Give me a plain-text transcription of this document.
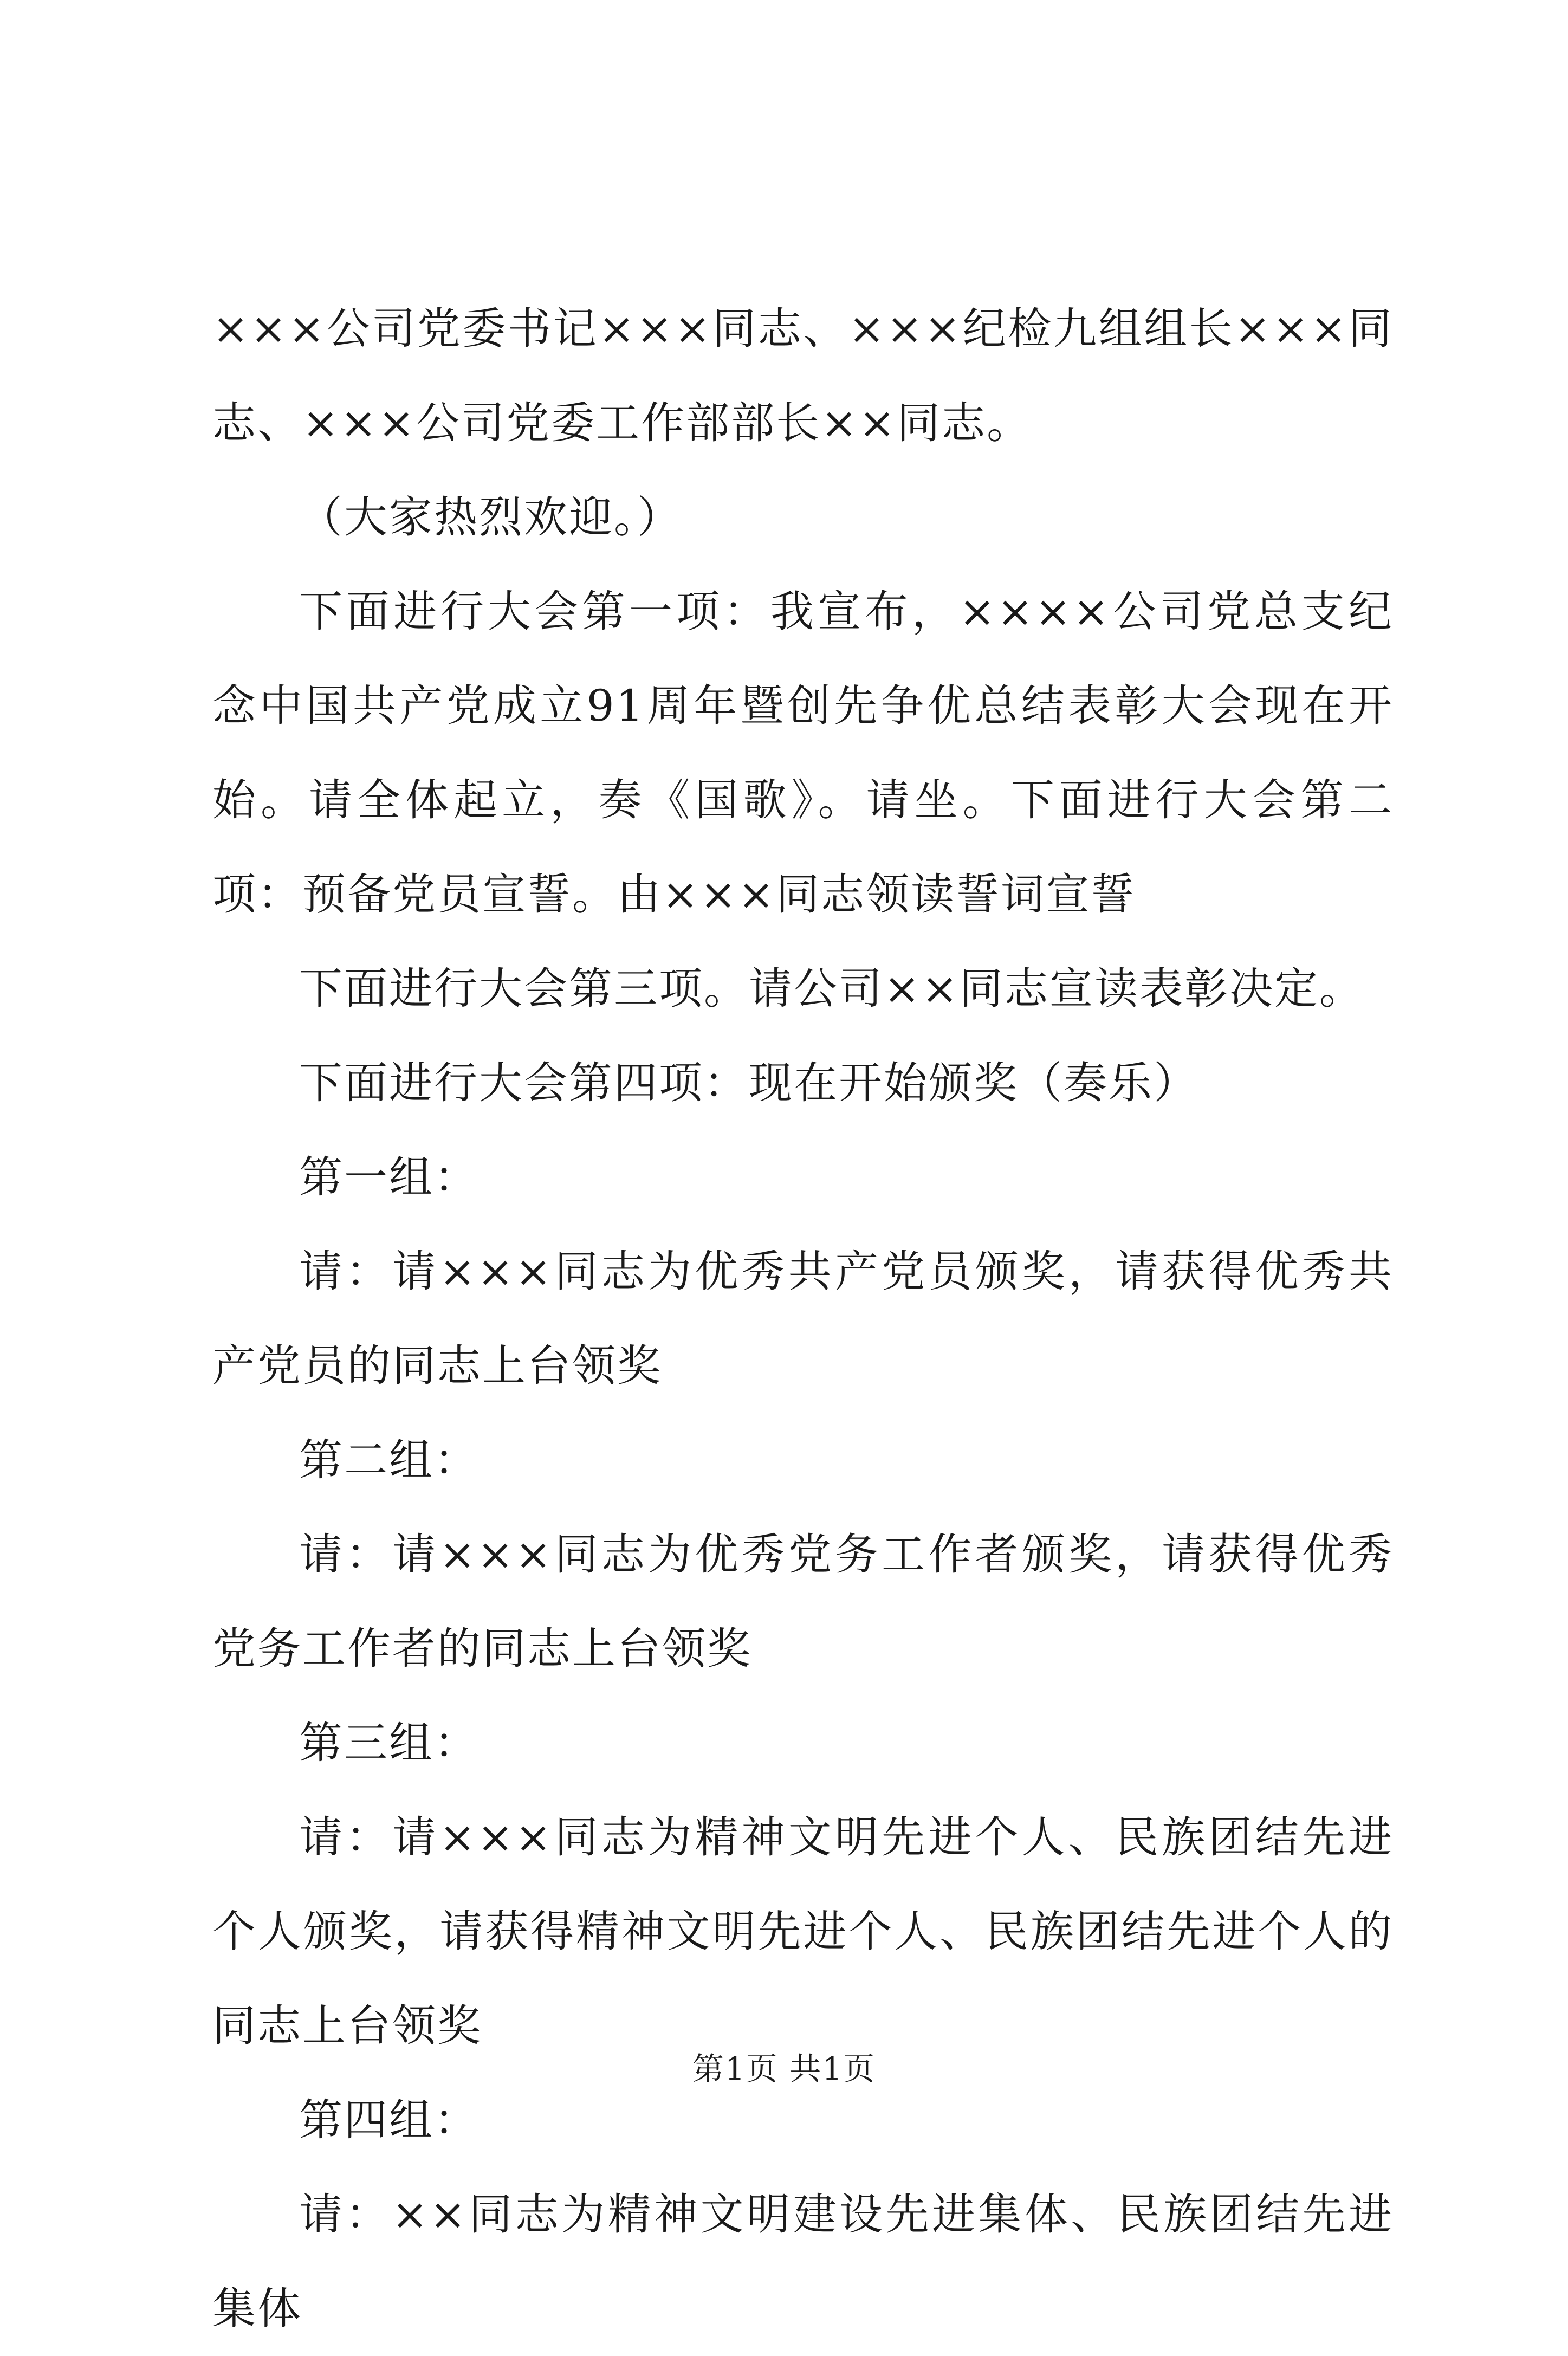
×××公司党委书记×××同志、×××纪检九组组长×××同志、×××公司党委工作部部长××同志。

（大家热烈欢迎。）

下面进行大会第一项：我宣布，××××公司党总支纪念中国共产党成立91周年暨创先争优总结表彰大会现在开始。请全体起立，奏《国歌》。请坐。下面进行大会第二项：预备党员宣誓。由×××同志领读誓词宣誓

下面进行大会第三项。请公司××同志宣读表彰决定。

下面进行大会第四项：现在开始颁奖（奏乐）

第一组：

请：请×××同志为优秀共产党员颁奖，请获得优秀共产党员的同志上台领奖

第二组：

请：请×××同志为优秀党务工作者颁奖，请获得优秀党务工作者的同志上台领奖

第三组：

请：请×××同志为精神文明先进个人、民族团结先进个人颁奖，请获得精神文明先进个人、民族团结先进个人的同志上台领奖

第四组：

请：××同志为精神文明建设先进集体、民族团结先进集体

第1页 共1页
